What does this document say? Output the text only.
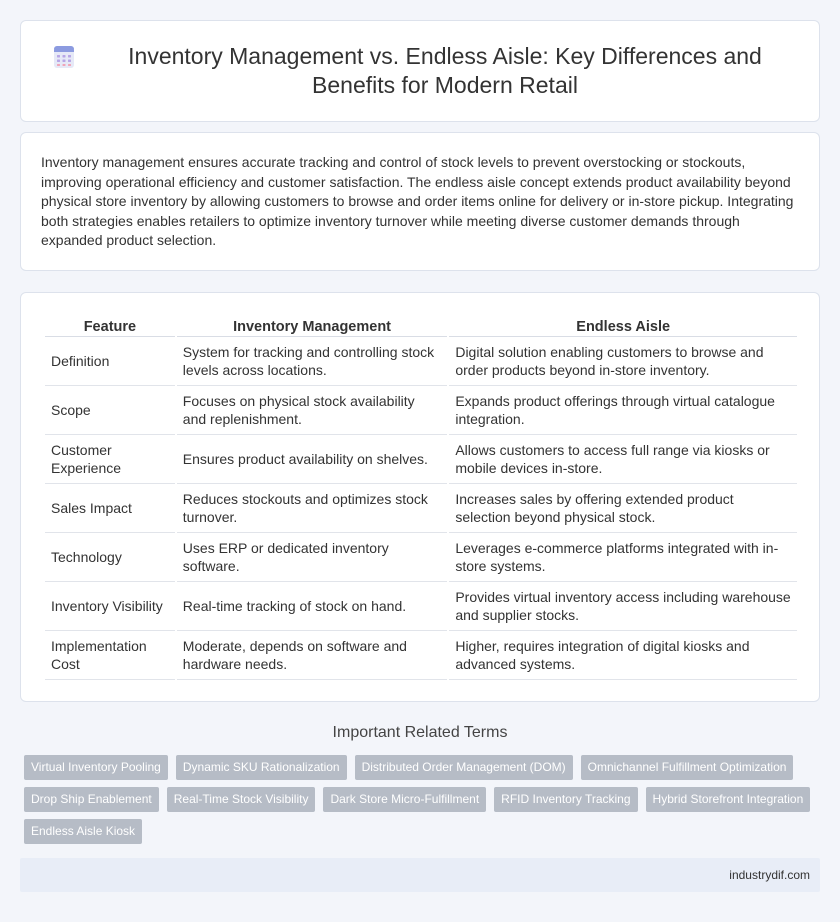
Inventory Management vs. Endless Aisle: Key Differences and Benefits for Modern Retail

Inventory management ensures accurate tracking and control of stock levels to prevent overstocking or stockouts, improving operational efficiency and customer satisfaction. The endless aisle concept extends product availability beyond physical store inventory by allowing customers to browse and order items online for delivery or in-store pickup. Integrating both strategies enables retailers to optimize inventory turnover while meeting diverse customer demands through expanded product selection.

Feature	Inventory Management	Endless Aisle
Definition	System for tracking and controlling stock levels across locations.	Digital solution enabling customers to browse and order products beyond in-store inventory.
Scope	Focuses on physical stock availability and replenishment.	Expands product offerings through virtual catalogue integration.
Customer Experience	Ensures product availability on shelves.	Allows customers to access full range via kiosks or mobile devices in-store.
Sales Impact	Reduces stockouts and optimizes stock turnover.	Increases sales by offering extended product selection beyond physical stock.
Technology	Uses ERP or dedicated inventory software.	Leverages e-commerce platforms integrated with in-store systems.
Inventory Visibility	Real-time tracking of stock on hand.	Provides virtual inventory access including warehouse and supplier stocks.
Implementation Cost	Moderate, depends on software and hardware needs.	Higher, requires integration of digital kiosks and advanced systems.
Important Related Terms
Virtual Inventory Pooling	Dynamic SKU Rationalization	Distributed Order Management (DOM)	Omnichannel Fulfillment Optimization
Drop Ship Enablement	Real-Time Stock Visibility	Dark Store Micro-Fulfillment	RFID Inventory Tracking	Hybrid Storefront Integration
Endless Aisle Kiosk
industrydif.com
